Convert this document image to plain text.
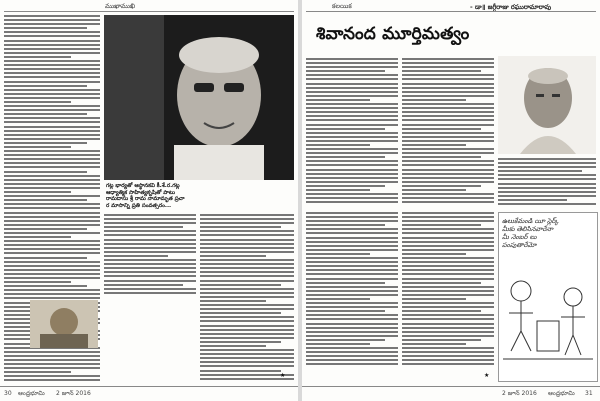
ముఖాముఖి
గట్ల భార్యతో ఆస్థానకవి కీ.శే.ర.గట్ల
ఆధ్యాత్మిక సాహిత్యకృషితో పాటు
రామదాసు శ్రీ రామ నామామృత ప్రచా
ర మాసాన్ని ప్రతి సంవత్సరం...
★
30 ఆంధ్రభూమి 2 జూన్ 2016
కలయిక	- డా॥ జగ్గీరాజు రఘురామారావు
శివానంద మూర్తిమత్వం
ఉలుకేమండి యీ స్లెర్క్
మీకు తెలిసినవారేనా
మీ నెంబర్ లు
పంపుతారేమో
★
2 జూన్ 2016 ఆంధ్రభూమి 31
